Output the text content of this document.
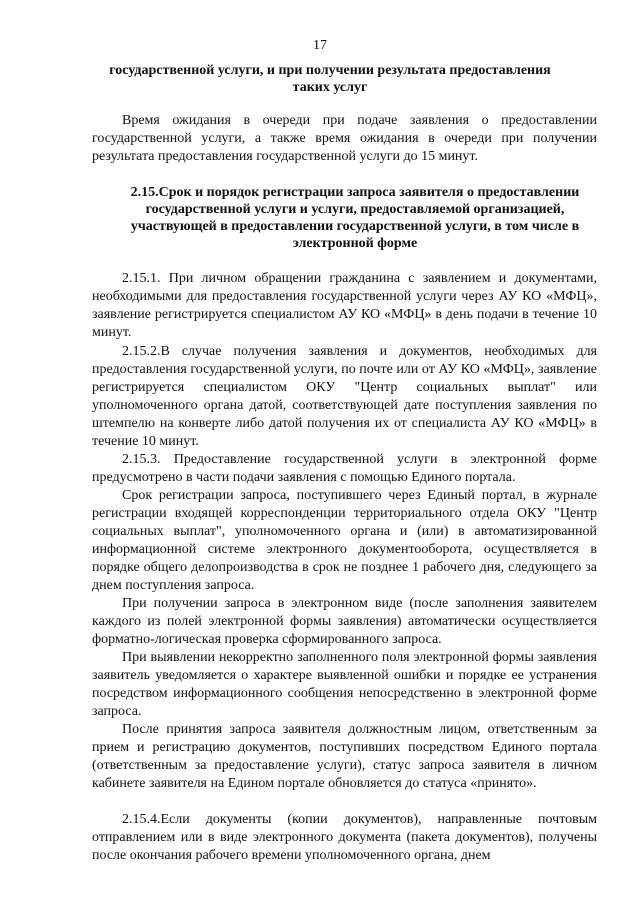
17

государственной услуги, и при получении результата предоставления таких услуг

Время ожидания в очереди при подаче заявления о предоставлении государственной услуги, а также время ожидания в очереди при получении результата предоставления государственной услуги до 15 минут.

2.15.Срок и порядок регистрации запроса заявителя о предоставлении государственной услуги и услуги, предоставляемой организацией, участвующей в предоставлении государственной услуги, в том числе в электронной форме

2.15.1. При личном обращении гражданина с заявлением и документами, необходимыми для предоставления государственной услуги через АУ КО «МФЦ», заявление регистрируется специалистом АУ КО «МФЦ» в день подачи в течение 10 минут.

2.15.2.В случае получения заявления и документов, необходимых для предоставления государственной услуги, по почте или от АУ КО «МФЦ», заявление регистрируется специалистом ОКУ "Центр социальных выплат" или уполномоченного органа датой, соответствующей дате поступления заявления по штемпелю на конверте либо датой получения их от специалиста АУ КО «МФЦ» в течение 10 минут.

2.15.3. Предоставление государственной услуги в электронной форме предусмотрено в части подачи заявления с помощью Единого портала.

Срок регистрации запроса, поступившего через Единый портал, в журнале регистрации входящей корреспонденции территориального отдела ОКУ "Центр социальных выплат", уполномоченного органа и (или) в автоматизированной информационной системе электронного документооборота, осуществляется в порядке общего делопроизводства в срок не позднее 1 рабочего дня, следующего за днем поступления запроса.

При получении запроса в электронном виде (после заполнения заявителем каждого из полей электронной формы заявления) автоматически осуществляется форматно-логическая проверка сформированного запроса.

При выявлении некорректно заполненного поля электронной формы заявления заявитель уведомляется о характере выявленной ошибки и порядке ее устранения посредством информационного сообщения непосредственно в электронной форме запроса.

После принятия запроса заявителя должностным лицом, ответственным за прием и регистрацию документов, поступивших посредством Единого портала (ответственным за предоставление услуги), статус запроса заявителя в личном кабинете заявителя на Едином портале обновляется до статуса «принято».

2.15.4.Если документы (копии документов), направленные почтовым отправлением или в виде электронного документа (пакета документов), получены после окончания рабочего времени уполномоченного органа, днем
